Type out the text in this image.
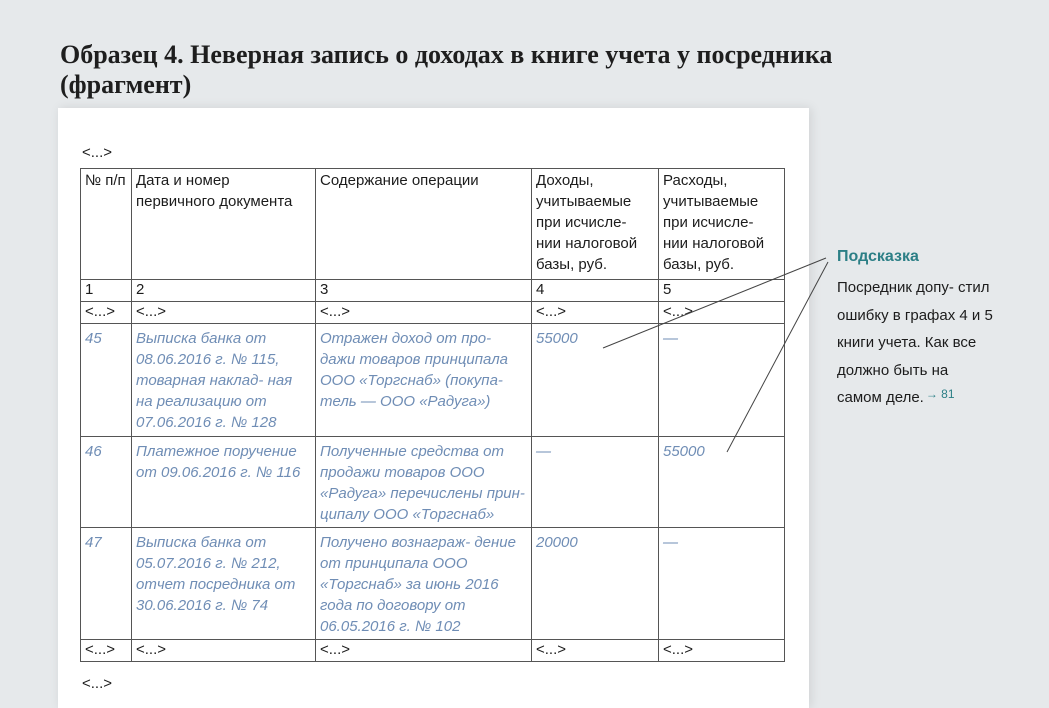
Образец 4. Неверная запись о доходах в книге учета у посредника (фрагмент)
<...>
№ п/п	Дата и номер первичного документа	Содержание операции	Доходы, учитываемые при исчисле- нии налоговой базы, руб.	Расходы, учитываемые при исчисле- нии налоговой базы, руб.
1	2	3	4	5
<...>	<...>	<...>	<...>	<...>
45	Выписка банка от 08.06.2016 г. № 115, товарная наклад- ная на реализацию от 07.06.2016 г. № 128	Отражен доход от про- дажи товаров принципала ООО «Торгснаб» (покупа- тель — ООО «Радуга»)	55000	—
46	Платежное поручение от 09.06.2016 г. № 116	Полученные средства от продажи товаров ООО «Радуга» перечислены прин- ципалу ООО «Торгснаб»	—	55000
47	Выписка банка от 05.07.2016 г. № 212, отчет посредника от 30.06.2016 г. № 74	Получено вознаграж- дение от принципала ООО «Торгснаб» за июнь 2016 года по договору от 06.05.2016 г. № 102	20000	—
<...>	<...>	<...>	<...>	<...>
<...>
Подсказка
Посредник допу- стил ошибку в графах 4 и 5 книги учета. Как все должно быть на самом деле. $^{\to 81}$
